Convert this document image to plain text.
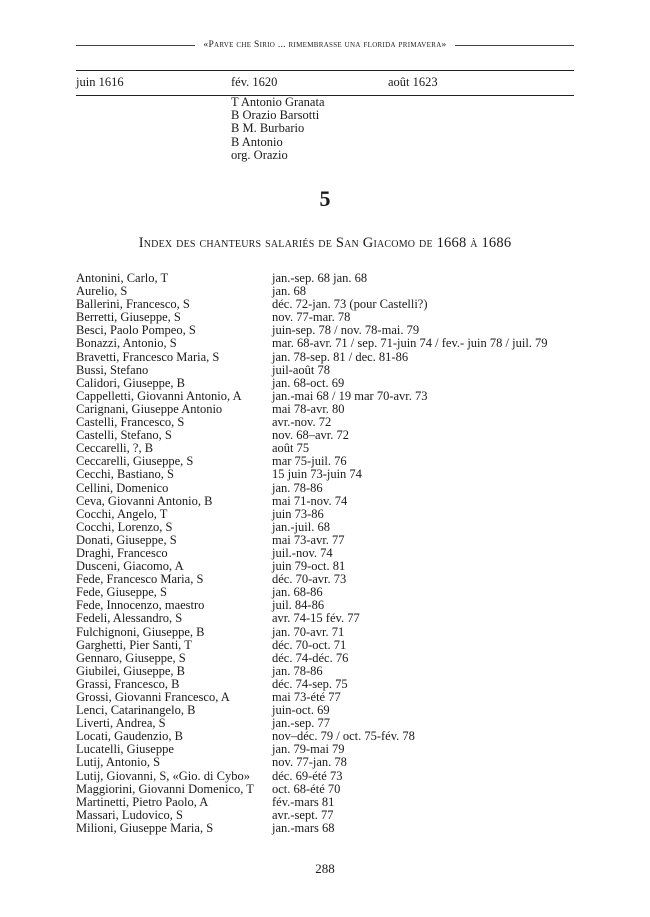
«Parve che Sirio ... rimembrasse una florida primavera»
juin 1616	fév. 1620	août 1623
T Antonio Granata
B Orazio Barsotti
B M. Burbario
B Antonio
org. Orazio
5
Index des chanteurs salariés de San Giacomo de 1668 à 1686
Antonini, Carlo, T	jan.-sep. 68 jan. 68
Aurelio, S	jan. 68
Ballerini, Francesco, S	déc. 72-jan. 73 (pour Castelli?)
Berretti, Giuseppe, S	nov. 77-mar. 78
Besci, Paolo Pompeo, S	juin-sep. 78 / nov. 78-mai. 79
Bonazzi, Antonio, S	mar. 68-avr. 71 / sep. 71-juin 74 / fev.- juin 78 / juil. 79
Bravetti, Francesco Maria, S	jan. 78-sep. 81 / dec. 81-86
Bussi, Stefano	juil-août 78
Calidori, Giuseppe, B	jan. 68-oct. 69
Cappelletti, Giovanni Antonio, A	jan.-mai 68 / 19 mar 70-avr. 73
Carignani, Giuseppe Antonio	mai 78-avr. 80
Castelli, Francesco, S	avr.-nov. 72
Castelli, Stefano, S	nov. 68–avr. 72
Ceccarelli, ?, B	août 75
Ceccarelli, Giuseppe, S	mar 75-juil. 76
Cecchi, Bastiano, S	15 juin 73-juin 74
Cellini, Domenico	jan. 78-86
Ceva, Giovanni Antonio, B	mai 71-nov. 74
Cocchi, Angelo, T	juin 73-86
Cocchi, Lorenzo, S	jan.-juil. 68
Donati, Giuseppe, S	mai 73-avr. 77
Draghi, Francesco	juil.-nov. 74
Dusceni, Giacomo, A	juin 79-oct. 81
Fede, Francesco Maria, S	déc. 70-avr. 73
Fede, Giuseppe, S	jan. 68-86
Fede, Innocenzo, maestro	juil. 84-86
Fedeli, Alessandro, S	avr. 74-15 fév. 77
Fulchignoni, Giuseppe, B	jan. 70-avr. 71
Garghetti, Pier Santi, T	déc. 70-oct. 71
Gennaro, Giuseppe, S	déc. 74-déc. 76
Giubilei, Giuseppe, B	jan. 78-86
Grassi, Francesco, B	déc. 74-sep. 75
Grossi, Giovanni Francesco, A	mai 73-été 77
Lenci, Catarinangelo, B	juin-oct. 69
Liverti, Andrea, S	jan.-sep. 77
Locati, Gaudenzio, B	nov–déc. 79 / oct. 75-fév. 78
Lucatelli, Giuseppe	jan. 79-mai 79
Lutij, Antonio, S	nov. 77-jan. 78
Lutij, Giovanni, S, «Gio. di Cybo»	déc. 69-été 73
Maggiorini, Giovanni Domenico, T	oct. 68-été 70
Martinetti, Pietro Paolo, A	fév.-mars 81
Massari, Ludovico, S	avr.-sept. 77
Milioni, Giuseppe Maria, S	jan.-mars 68
288
